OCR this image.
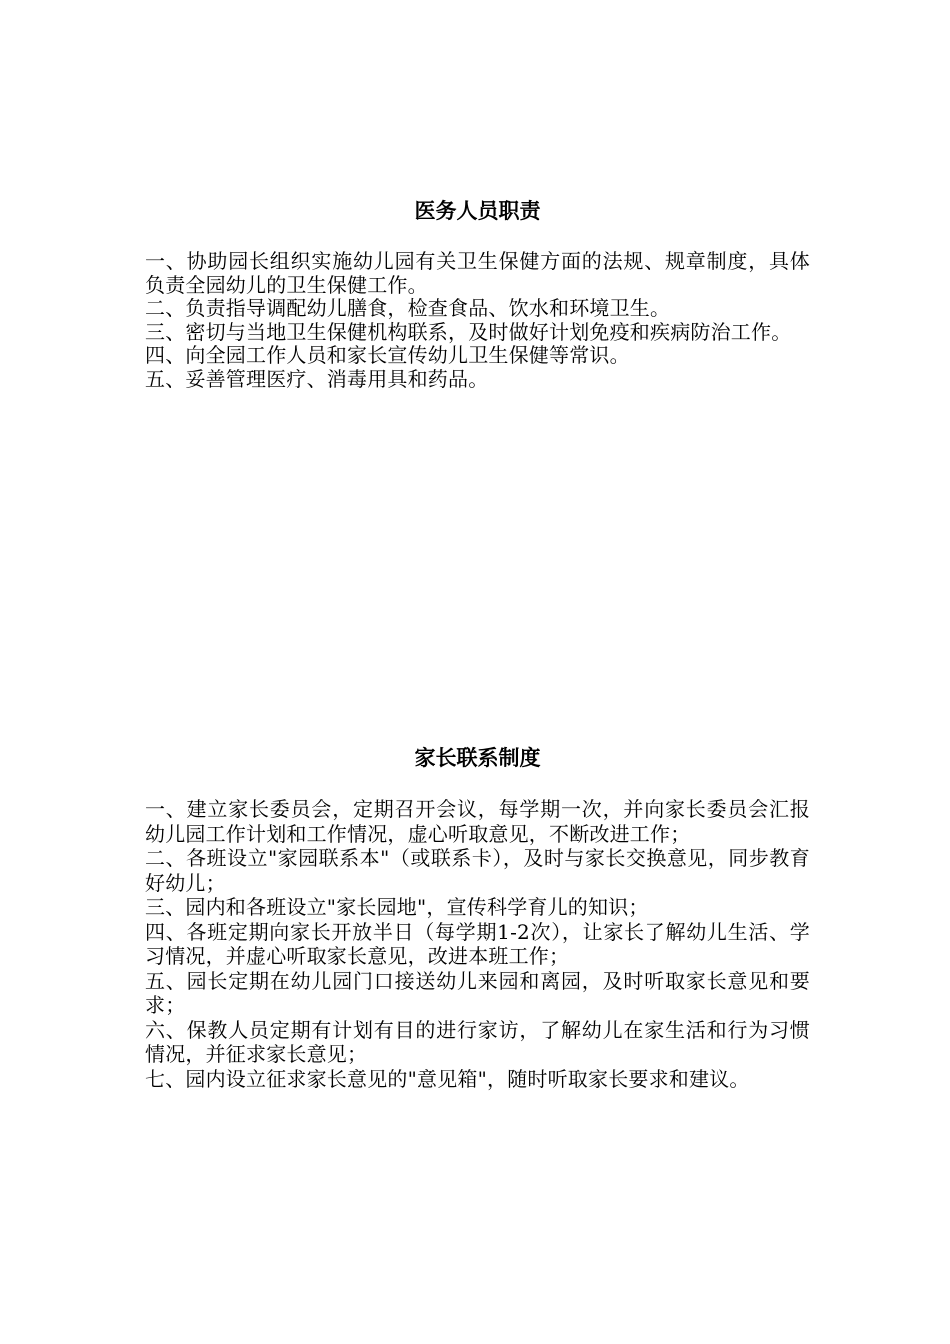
医务人员职责
一、协助园长组织实施幼儿园有关卫生保健方面的法规、规章制度，具体负责全园幼儿的卫生保健工作。
二、负责指导调配幼儿膳食，检查食品、饮水和环境卫生。
三、密切与当地卫生保健机构联系，及时做好计划免疫和疾病防治工作。
四、向全园工作人员和家长宣传幼儿卫生保健等常识。
五、妥善管理医疗、消毒用具和药品。
家长联系制度
一、建立家长委员会，定期召开会议，每学期一次，并向家长委员会汇报幼儿园工作计划和工作情况，虚心听取意见，不断改进工作；
二、各班设立"家园联系本"（或联系卡），及时与家长交换意见，同步教育好幼儿；
三、园内和各班设立"家长园地"，宣传科学育儿的知识；
四、各班定期向家长开放半日（每学期1-2次），让家长了解幼儿生活、学习情况，并虚心听取家长意见，改进本班工作；
五、园长定期在幼儿园门口接送幼儿来园和离园，及时听取家长意见和要求；
六、保教人员定期有计划有目的进行家访，了解幼儿在家生活和行为习惯情况，并征求家长意见；
七、园内设立征求家长意见的"意见箱"，随时听取家长要求和建议。
